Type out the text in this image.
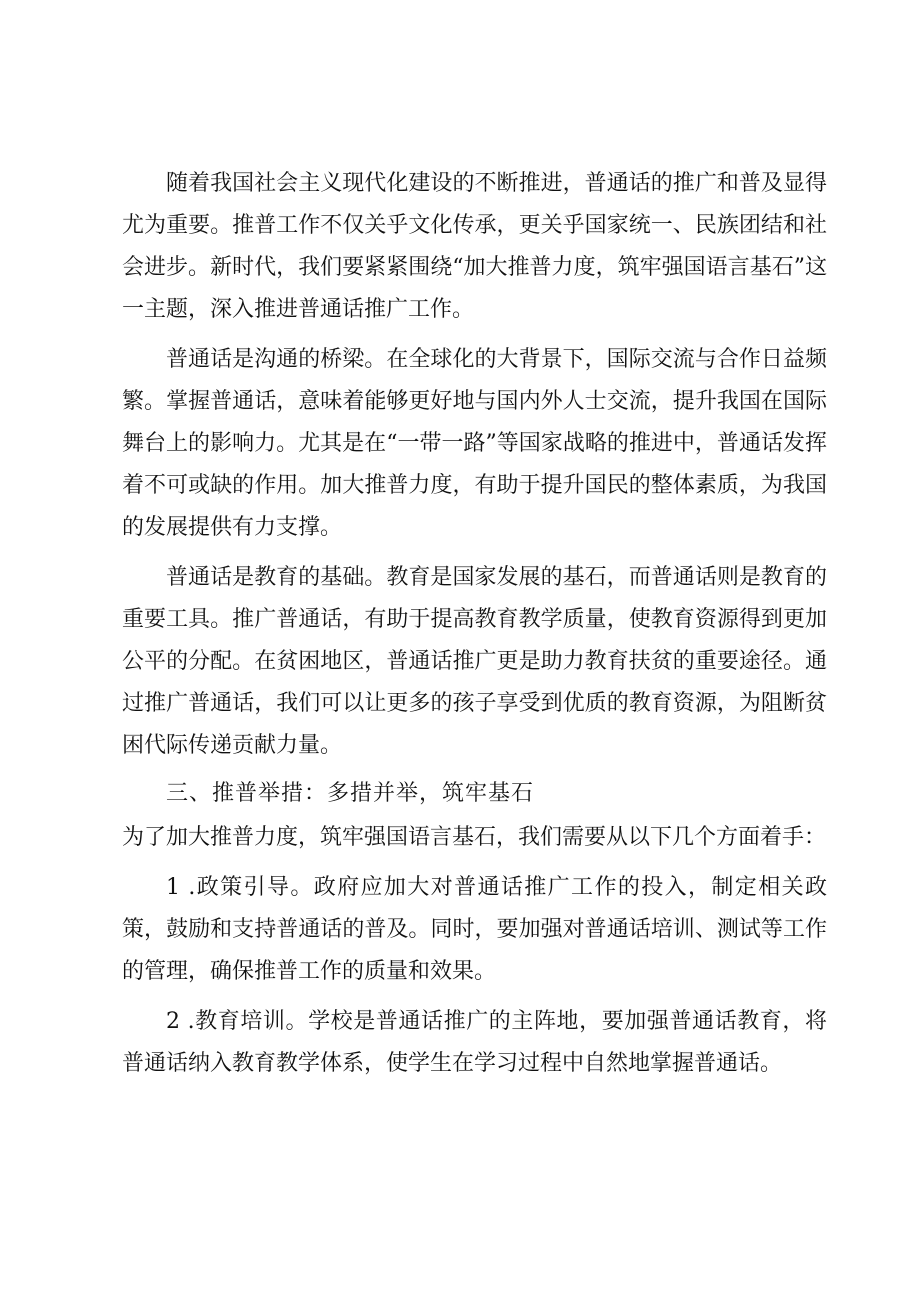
随着我国社会主义现代化建设的不断推进，普通话的推广和普及显得尤为重要。推普工作不仅关乎文化传承，更关乎国家统一、民族团结和社会进步。新时代，我们要紧紧围绕“加大推普力度，筑牢强国语言基石”这一主题，深入推进普通话推广工作。

普通话是沟通的桥梁。在全球化的大背景下，国际交流与合作日益频繁。掌握普通话，意味着能够更好地与国内外人士交流，提升我国在国际舞台上的影响力。尤其是在“一带一路”等国家战略的推进中，普通话发挥着不可或缺的作用。加大推普力度，有助于提升国民的整体素质，为我国的发展提供有力支撑。

普通话是教育的基础。教育是国家发展的基石，而普通话则是教育的重要工具。推广普通话，有助于提高教育教学质量，使教育资源得到更加公平的分配。在贫困地区，普通话推广更是助力教育扶贫的重要途径。通过推广普通话，我们可以让更多的孩子享受到优质的教育资源，为阻断贫困代际传递贡献力量。

三、推普举措：多措并举，筑牢基石

为了加大推普力度，筑牢强国语言基石，我们需要从以下几个方面着手：

1 .政策引导。政府应加大对普通话推广工作的投入，制定相关政策，鼓励和支持普通话的普及。同时，要加强对普通话培训、测试等工作的管理，确保推普工作的质量和效果。

2 .教育培训。学校是普通话推广的主阵地，要加强普通话教育，将普通话纳入教育教学体系，使学生在学习过程中自然地掌握普通话。
